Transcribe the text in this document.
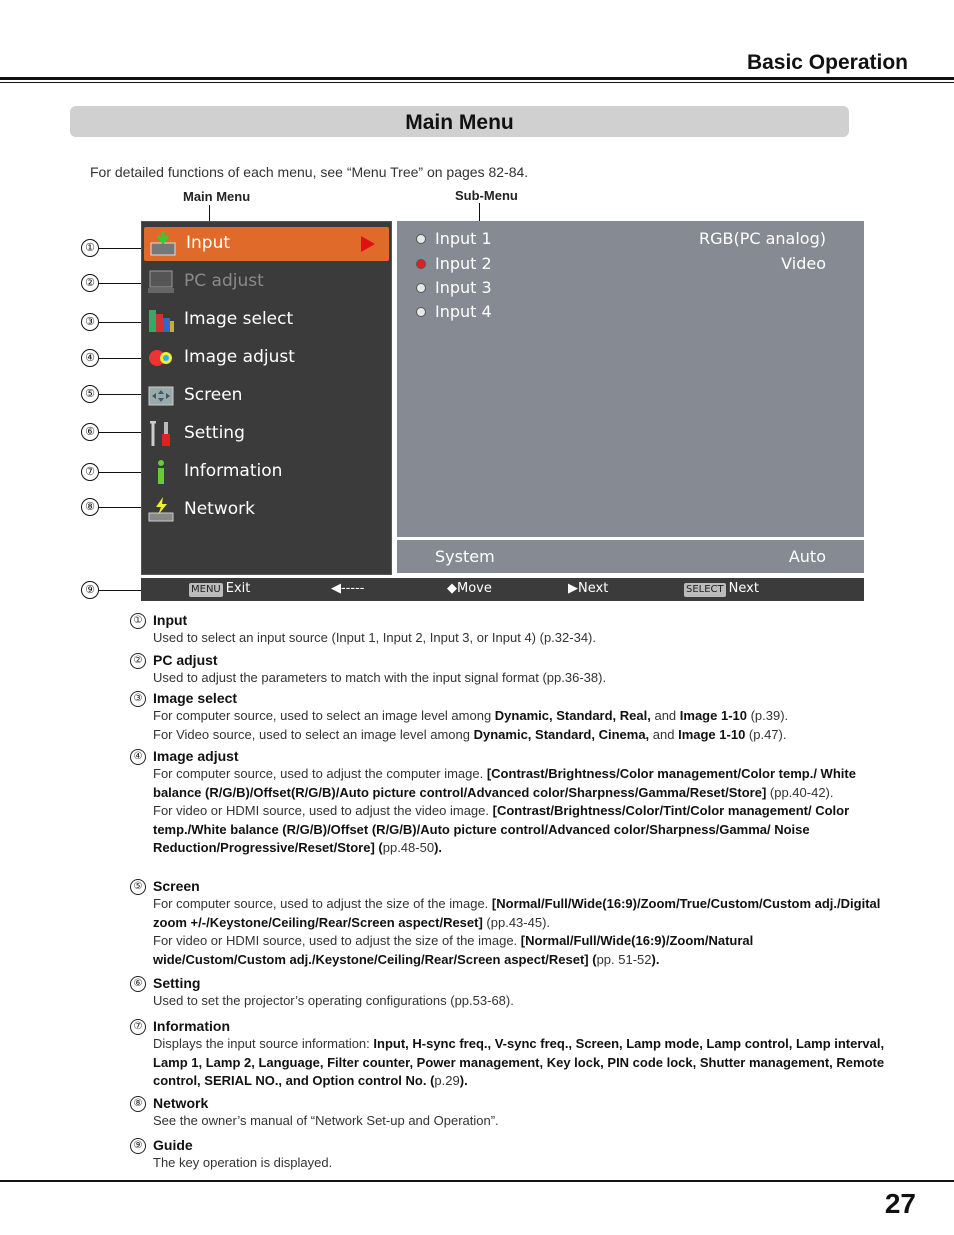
Basic Operation
Main Menu
For detailed functions of each menu, see “Menu Tree” on pages 82-84.
Main Menu	Sub-Menu
①
②
③
④
⑤
⑥
⑦
⑧
⑨
Input
PC adjust
Image select
Image adjust
Screen
Setting
Information
Network
Input 1	RGB(PC analog)
Input 2	Video
Input 3
Input 4
System	Auto
MENU Exit	◀-----	◆Move	▶Next	SELECT Next
① Input
Used to select an input source (Input 1, Input 2, Input 3, or Input 4) (p.32-34).
② PC adjust
Used to adjust the parameters to match with the input signal format (pp.36-38).
③ Image select
For computer source, used to select an image level among Dynamic, Standard, Real, and Image 1-10 (p.39).
For Video source, used to select an image level among Dynamic, Standard, Cinema, and Image 1-10 (p.47).
④ Image adjust
For computer source, used to adjust the computer image. [Contrast/Brightness/Color management/Color temp./ White balance (R/G/B)/Offset(R/G/B)/Auto picture control/Advanced color/Sharpness/Gamma/Reset/Store] (pp.40-42).
For video or HDMI source, used to adjust the video image. [Contrast/Brightness/Color/Tint/Color management/ Color temp./White balance (R/G/B)/Offset (R/G/B)/Auto picture control/Advanced color/Sharpness/Gamma/ Noise Reduction/Progressive/Reset/Store] (pp.48-50).
⑤ Screen
For computer source, used to adjust the size of the image. [Normal/Full/Wide(16:9)/Zoom/True/Custom/Custom adj./Digital zoom +/-/Keystone/Ceiling/Rear/Screen aspect/Reset] (pp.43-45).
For video or HDMI source, used to adjust the size of the image. [Normal/Full/Wide(16:9)/Zoom/Natural wide/Custom/Custom adj./Keystone/Ceiling/Rear/Screen aspect/Reset] (pp. 51-52).
⑥ Setting
Used to set the projector’s operating configurations (pp.53-68).
⑦ Information
Displays the input source information: Input, H-sync freq., V-sync freq., Screen, Lamp mode, Lamp control, Lamp interval, Lamp 1, Lamp 2, Language, Filter counter, Power management, Key lock, PIN code lock, Shutter management, Remote control, SERIAL NO., and Option control No. (p.29).
⑧ Network
See the owner’s manual of “Network Set-up and Operation”.
⑨ Guide
The key operation is displayed.
27
